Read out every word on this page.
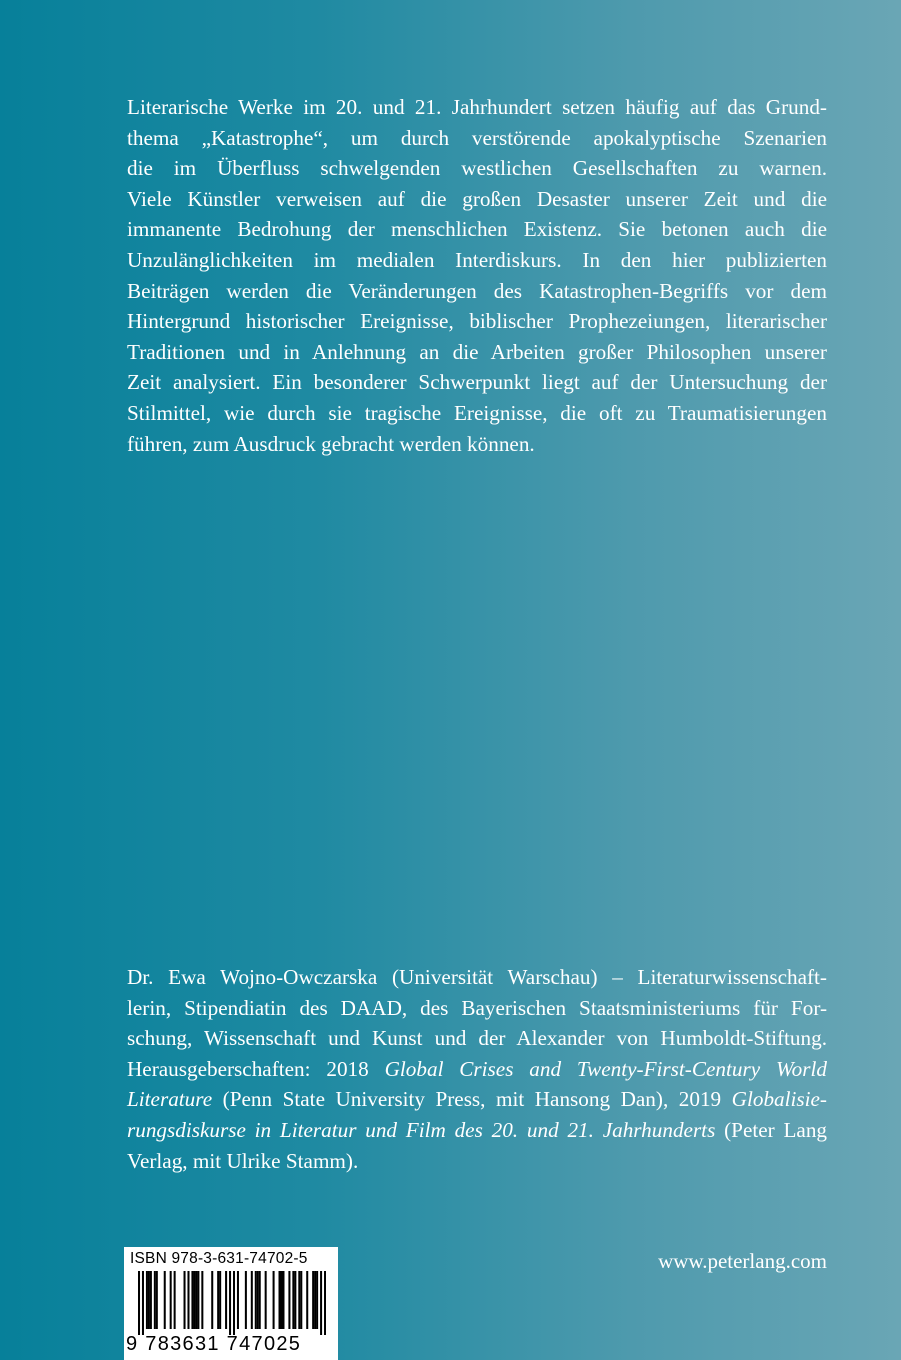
Literarische Werke im 20. und 21. Jahrhundert setzen häufig auf das Grund-
thema „Katastrophe“, um durch verstörende apokalyptische Szenarien
die im Überfluss schwelgenden westlichen Gesellschaften zu warnen.
Viele Künstler verweisen auf die großen Desaster unserer Zeit und die
immanente Bedrohung der menschlichen Existenz. Sie betonen auch die
Unzulänglichkeiten im medialen Interdiskurs. In den hier publizierten
Beiträgen werden die Veränderungen des Katastrophen-Begriffs vor dem
Hintergrund historischer Ereignisse, biblischer Prophezeiungen, literarischer
Traditionen und in Anlehnung an die Arbeiten großer Philosophen unserer
Zeit analysiert. Ein besonderer Schwerpunkt liegt auf der Untersuchung der
Stilmittel, wie durch sie tragische Ereignisse, die oft zu Traumatisierungen
führen, zum Ausdruck gebracht werden können.
Dr. Ewa Wojno-Owczarska (Universität Warschau) – Literaturwissenschaft-
lerin, Stipendiatin des DAAD, des Bayerischen Staatsministeriums für For-
schung, Wissenschaft und Kunst und der Alexander von Humboldt-Stiftung.
Herausgeberschaften: 2018 Global Crises and Twenty-First-Century World
Literature (Penn State University Press, mit Hansong Dan), 2019 Globalisie-
rungsdiskurse in Literatur und Film des 20. und 21. Jahrhunderts (Peter Lang
Verlag, mit Ulrike Stamm).
ISBN 978-3-631-74702-5
9 783631 747025

www.peterlang.com
